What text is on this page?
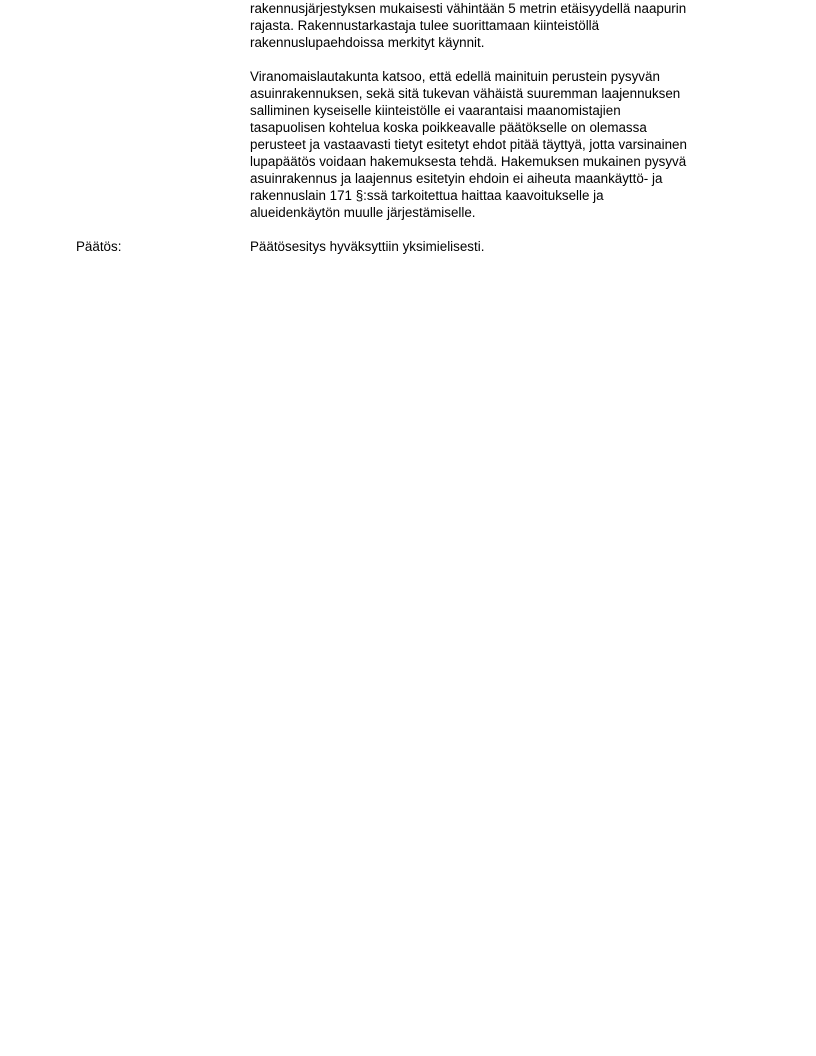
rakennusjärjestyksen mukaisesti vähintään 5 metrin etäisyydellä naapurin

rajasta. Rakennustarkastaja tulee suorittamaan kiinteistöllä

rakennuslupaehdoissa merkityt käynnit.

Viranomaislautakunta katsoo, että edellä mainituin perustein pysyvän

asuinrakennuksen, sekä sitä tukevan vähäistä suuremman laajennuksen

salliminen kyseiselle kiinteistölle ei vaarantaisi maanomistajien

tasapuolisen kohtelua koska poikkeavalle päätökselle on olemassa

perusteet ja vastaavasti tietyt esitetyt ehdot pitää täyttyä, jotta varsinainen

lupapäätös voidaan hakemuksesta tehdä. Hakemuksen mukainen pysyvä

asuinrakennus ja laajennus esitetyin ehdoin ei aiheuta maankäyttö- ja

rakennuslain 171 §:ssä tarkoitettua haittaa kaavoitukselle ja

alueidenkäytön muulle järjestämiselle.

Päätös:	Päätösesitys hyväksyttiin yksimielisesti.
